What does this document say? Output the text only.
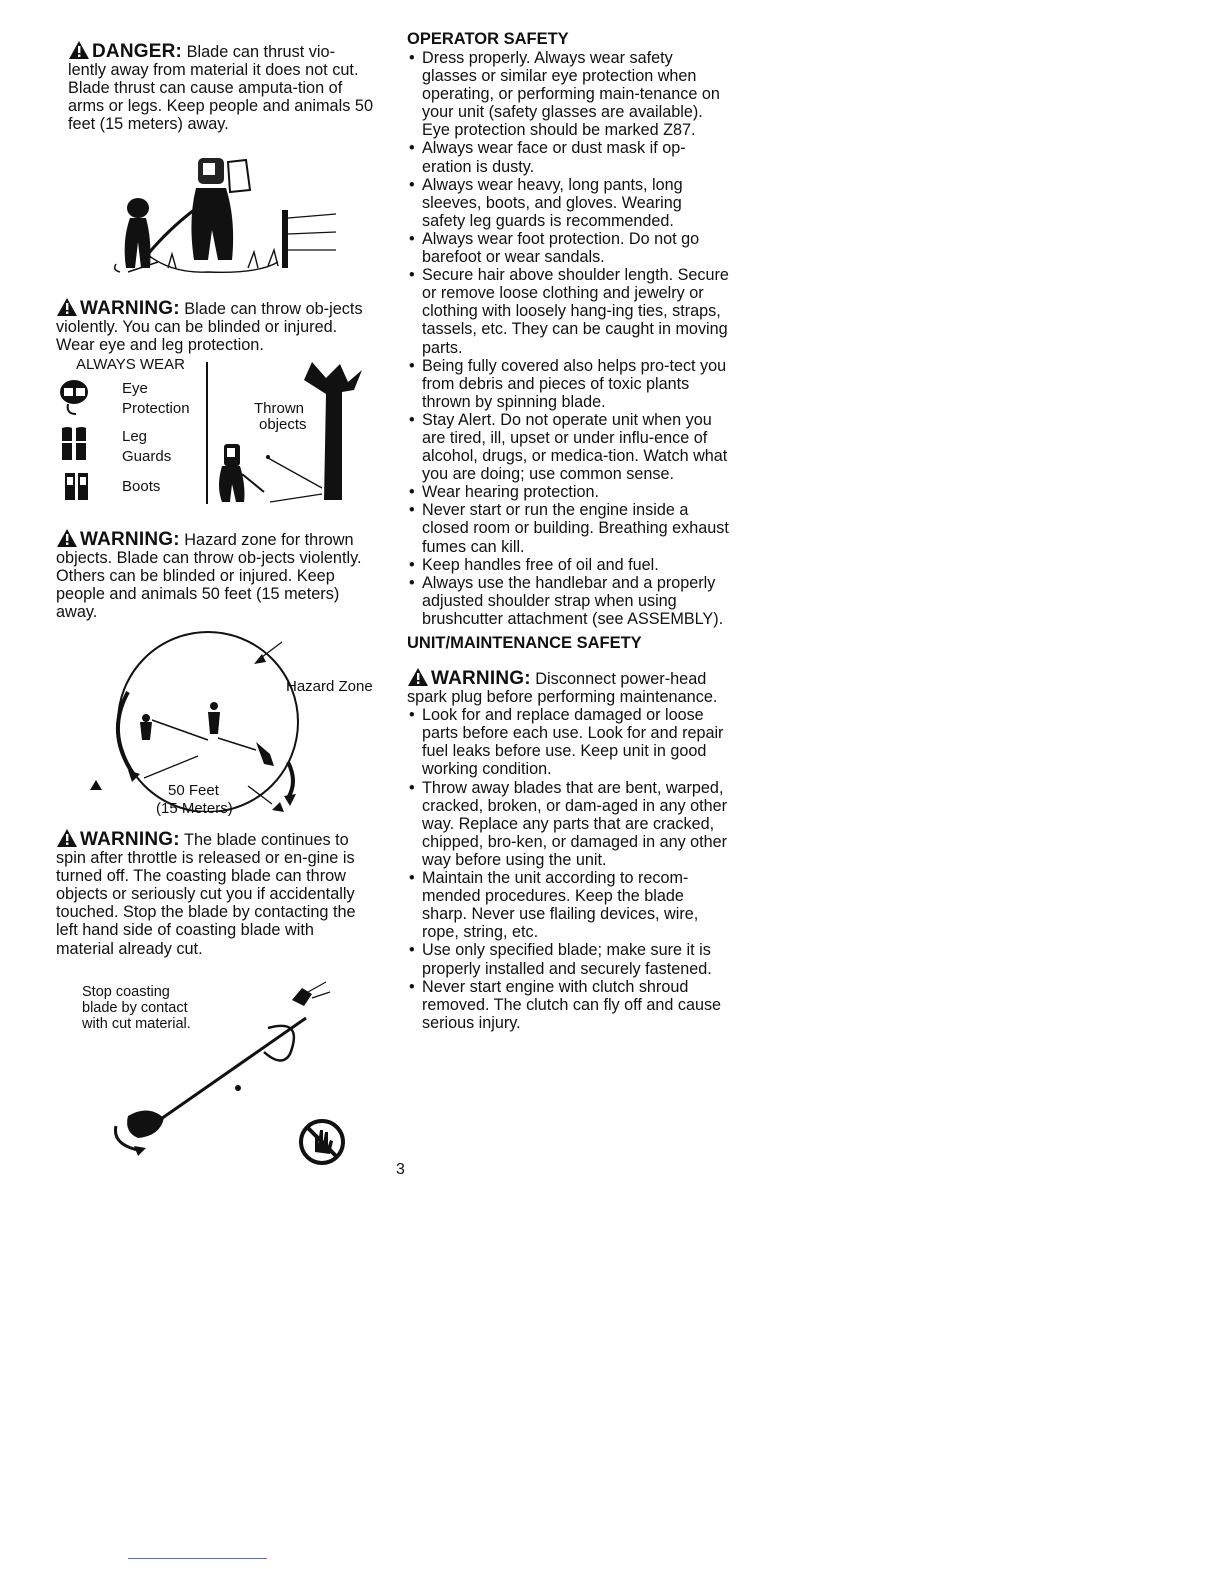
DANGER: Blade can thrust vio-lently away from material it does not cut. Blade thrust can cause amputa-tion of arms or legs. Keep people and animals 50 feet (15 meters) away.

WARNING: Blade can throw ob-jects violently. You can be blinded or injured. Wear eye and leg protection.

ALWAYS WEAR
Eye
Protection
Leg
Guards
Boots
Thrown
objects

WARNING: Hazard zone for thrown objects. Blade can throw ob-jects violently. Others can be blinded or injured. Keep people and animals 50 feet (15 meters) away.

Hazard Zone
50 Feet
(15 Meters)

WARNING: The blade continues to spin after throttle is released or en-gine is turned off. The coasting blade can throw objects or seriously cut you if accidentally touched. Stop the blade by contacting the left hand side of coasting blade with material already cut.

Stop coasting
blade by contact
with cut material.

OPERATOR SAFETY

• Dress properly. Always wear safety glasses or similar eye protection when operating, or performing main-tenance on your unit (safety glasses are available). Eye protection should be marked Z87.
• Always wear face or dust mask if op-eration is dusty.
• Always wear heavy, long pants, long sleeves, boots, and gloves. Wearing safety leg guards is recommended.
• Always wear foot protection. Do not go barefoot or wear sandals.
• Secure hair above shoulder length. Secure or remove loose clothing and jewelry or clothing with loosely hang-ing ties, straps, tassels, etc. They can be caught in moving parts.
• Being fully covered also helps pro-tect you from debris and pieces of toxic plants thrown by spinning blade.
• Stay Alert. Do not operate unit when you are tired, ill, upset or under influ-ence of alcohol, drugs, or medica-tion. Watch what you are doing; use common sense.
• Wear hearing protection.
• Never start or run the engine inside a closed room or building. Breathing exhaust fumes can kill.
• Keep handles free of oil and fuel.
• Always use the handlebar and a properly adjusted shoulder strap when using brushcutter attachment (see ASSEMBLY).

UNIT/MAINTENANCE SAFETY

WARNING: Disconnect power-head spark plug before performing maintenance.

• Look for and replace damaged or loose parts before each use. Look for and repair fuel leaks before use. Keep unit in good working condition.
• Throw away blades that are bent, warped, cracked, broken, or dam-aged in any other way. Replace any parts that are cracked, chipped, bro-ken, or damaged in any other way before using the unit.
• Maintain the unit according to recom-mended procedures. Keep the blade sharp. Never use flailing devices, wire, rope, string, etc.
• Use only specified blade; make sure it is properly installed and securely fastened.
• Never start engine with clutch shroud removed. The clutch can fly off and cause serious injury.
3
